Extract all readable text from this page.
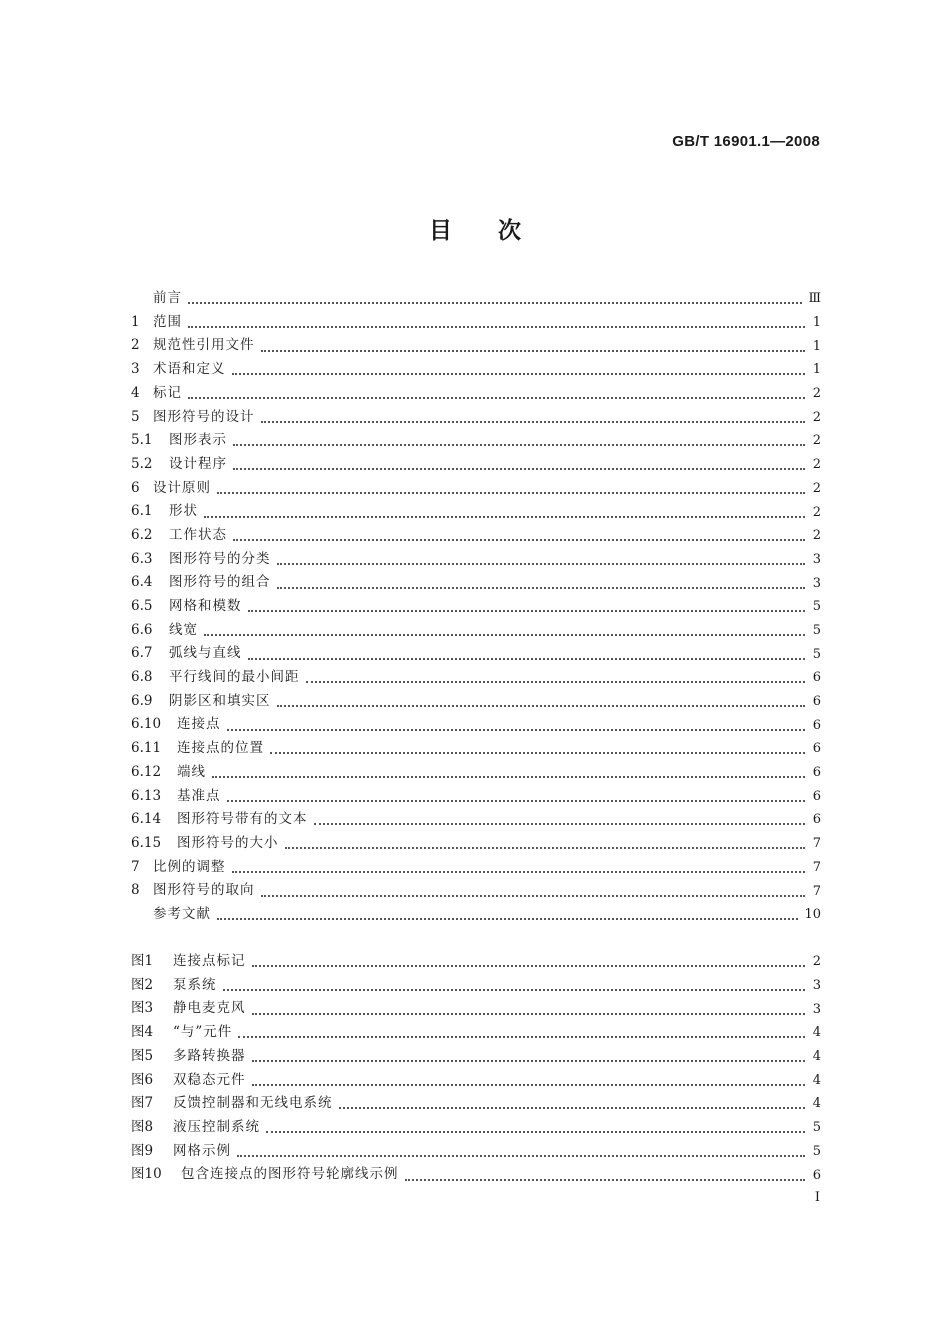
GB/T 16901.1—2008
目次
前言	Ⅲ
1 范围	1
2 规范性引用文件	1
3 术语和定义	1
4 标记	2
5 图形符号的设计	2
5.1	图形表示	2
5.2	设计程序	2
6 设计原则	2
6.1	形状	2
6.2	工作状态	2
6.3	图形符号的分类	3
6.4	图形符号的组合	3
6.5	网格和模数	5
6.6	线宽	5
6.7	弧线与直线	5
6.8	平行线间的最小间距	6
6.9	阴影区和填实区	6
6.10	连接点	6
6.11	连接点的位置	6
6.12	端线	6
6.13	基准点	6
6.14	图形符号带有的文本	6
6.15	图形符号的大小	7
7 比例的调整	7
8 图形符号的取向	7
参考文献	10
图1	连接点标记	2
图2	泵系统	3
图3	静电麦克风	3
图4	“与”元件	4
图5	多路转换器	4
图6	双稳态元件	4
图7	反馈控制器和无线电系统	4
图8	液压控制系统	5
图9	网格示例	5
图10	包含连接点的图形符号轮廓线示例	6
I
